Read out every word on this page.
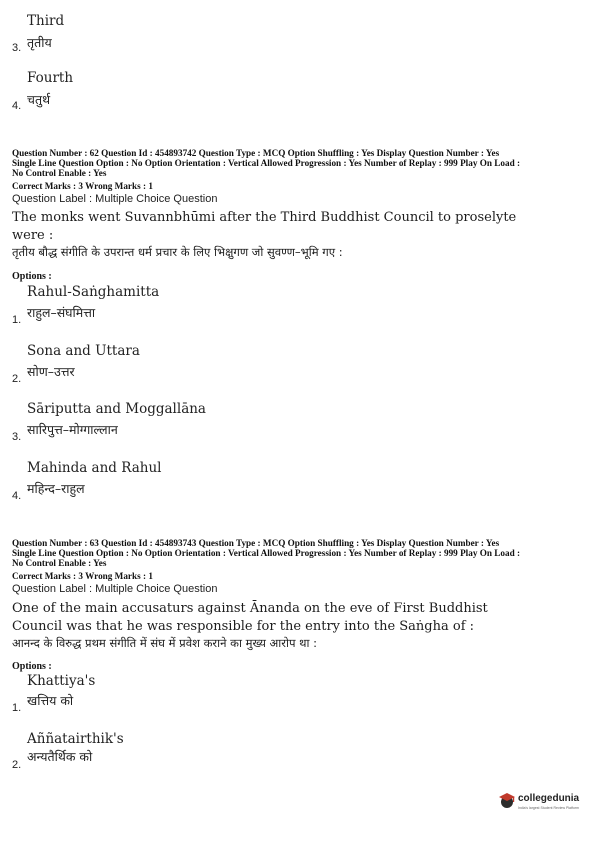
Third
3. तृतीय
Fourth
4. चतुर्थ
Question Number : 62 Question Id : 454893742 Question Type : MCQ Option Shuffling : Yes Display Question Number : Yes
Single Line Question Option : No Option Orientation : Vertical Allowed Progression : Yes Number of Replay : 999 Play On Load :
No Control Enable : Yes
Correct Marks : 3 Wrong Marks : 1
Question Label : Multiple Choice Question
The monks went Suvannbhūmi after the Third Buddhist Council to proselyte
were :
तृतीय बौद्ध संगीति के उपरान्त धर्म प्रचार के लिए भिक्षुगण जो सुवण्ण–भूमि गए :
Options :
Rahul-Saṅghamitta
1. राहुल–संघमित्ता
Sona and Uttara
2. सोण–उत्तर
Sāriputta and Moggallāna
3. सारिपुत्त–मोग्गाल्लान
Mahinda and Rahul
4. महिन्द–राहुल
Question Number : 63 Question Id : 454893743 Question Type : MCQ Option Shuffling : Yes Display Question Number : Yes
Single Line Question Option : No Option Orientation : Vertical Allowed Progression : Yes Number of Replay : 999 Play On Load :
No Control Enable : Yes
Correct Marks : 3 Wrong Marks : 1
Question Label : Multiple Choice Question
One of the main accusaturs against Ānanda on the eve of First Buddhist
Council was that he was responsible for the entry into the Saṅgha of :
आनन्द के विरुद्ध प्रथम संगीति में संघ में प्रवेश कराने का मुख्य आरोप था :
Options :
Khattiya's
1. खत्तिय को
Aññatairthik's
2.
अन्यतैर्थिक को
collegedunia
India's largest Student Review Platform
